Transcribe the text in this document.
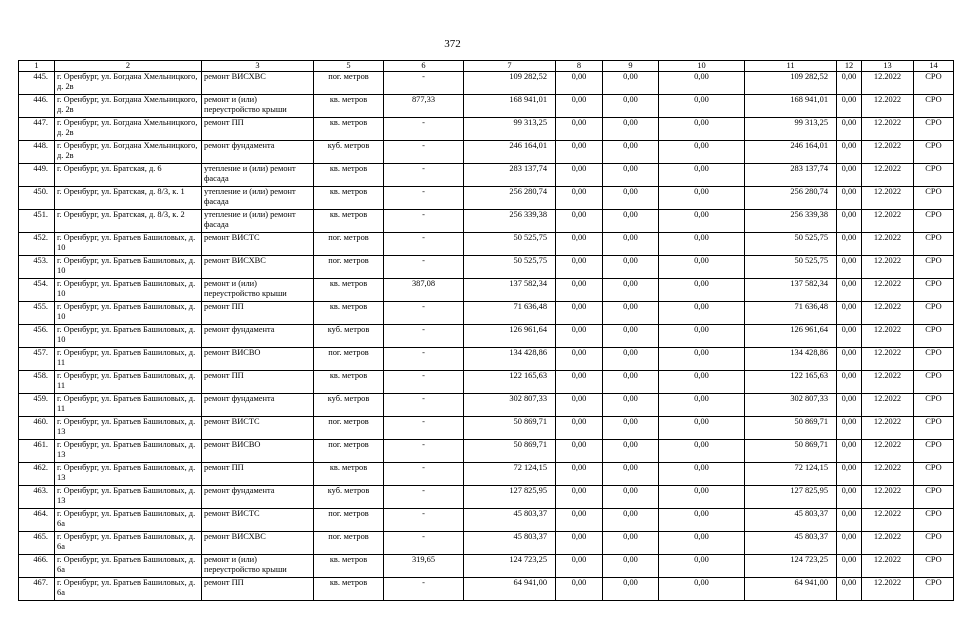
372
1	2	3	5	6	7	8	9	10	11	12	13	14
445.	г. Оренбург, ул. Богдана Хмельницкого, д. 2в	ремонт ВИСХВС	пог. метров	-	109 282,52	0,00	0,00	0,00	109 282,52	0,00	12.2022	СРО
446.	г. Оренбург, ул. Богдана Хмельницкого, д. 2в	ремонт и (или) переустройство крыши	кв. метров	877,33	168 941,01	0,00	0,00	0,00	168 941,01	0,00	12.2022	СРО
447.	г. Оренбург, ул. Богдана Хмельницкого, д. 2в	ремонт ПП	кв. метров	-	99 313,25	0,00	0,00	0,00	99 313,25	0,00	12.2022	СРО
448.	г. Оренбург, ул. Богдана Хмельницкого, д. 2в	ремонт фундамента	куб. метров	-	246 164,01	0,00	0,00	0,00	246 164,01	0,00	12.2022	СРО
449.	г. Оренбург, ул. Братская, д. 6	утепление и (или) ремонт фасада	кв. метров	-	283 137,74	0,00	0,00	0,00	283 137,74	0,00	12.2022	СРО
450.	г. Оренбург, ул. Братская, д. 8/3, к. 1	утепление и (или) ремонт фасада	кв. метров	-	256 280,74	0,00	0,00	0,00	256 280,74	0,00	12.2022	СРО
451.	г. Оренбург, ул. Братская, д. 8/3, к. 2	утепление и (или) ремонт фасада	кв. метров	-	256 339,38	0,00	0,00	0,00	256 339,38	0,00	12.2022	СРО
452.	г. Оренбург, ул. Братьев Башиловых, д. 10	ремонт ВИСТС	пог. метров	-	50 525,75	0,00	0,00	0,00	50 525,75	0,00	12.2022	СРО
453.	г. Оренбург, ул. Братьев Башиловых, д. 10	ремонт ВИСХВС	пог. метров	-	50 525,75	0,00	0,00	0,00	50 525,75	0,00	12.2022	СРО
454.	г. Оренбург, ул. Братьев Башиловых, д. 10	ремонт и (или) переустройство крыши	кв. метров	387,08	137 582,34	0,00	0,00	0,00	137 582,34	0,00	12.2022	СРО
455.	г. Оренбург, ул. Братьев Башиловых, д. 10	ремонт ПП	кв. метров	-	71 636,48	0,00	0,00	0,00	71 636,48	0,00	12.2022	СРО
456.	г. Оренбург, ул. Братьев Башиловых, д. 10	ремонт фундамента	куб. метров	-	126 961,64	0,00	0,00	0,00	126 961,64	0,00	12.2022	СРО
457.	г. Оренбург, ул. Братьев Башиловых, д. 11	ремонт ВИСВО	пог. метров	-	134 428,86	0,00	0,00	0,00	134 428,86	0,00	12.2022	СРО
458.	г. Оренбург, ул. Братьев Башиловых, д. 11	ремонт ПП	кв. метров	-	122 165,63	0,00	0,00	0,00	122 165,63	0,00	12.2022	СРО
459.	г. Оренбург, ул. Братьев Башиловых, д. 11	ремонт фундамента	куб. метров	-	302 807,33	0,00	0,00	0,00	302 807,33	0,00	12.2022	СРО
460.	г. Оренбург, ул. Братьев Башиловых, д. 13	ремонт ВИСТС	пог. метров	-	50 869,71	0,00	0,00	0,00	50 869,71	0,00	12.2022	СРО
461.	г. Оренбург, ул. Братьев Башиловых, д. 13	ремонт ВИСВО	пог. метров	-	50 869,71	0,00	0,00	0,00	50 869,71	0,00	12.2022	СРО
462.	г. Оренбург, ул. Братьев Башиловых, д. 13	ремонт ПП	кв. метров	-	72 124,15	0,00	0,00	0,00	72 124,15	0,00	12.2022	СРО
463.	г. Оренбург, ул. Братьев Башиловых, д. 13	ремонт фундамента	куб. метров	-	127 825,95	0,00	0,00	0,00	127 825,95	0,00	12.2022	СРО
464.	г. Оренбург, ул. Братьев Башиловых, д. 6а	ремонт ВИСТС	пог. метров	-	45 803,37	0,00	0,00	0,00	45 803,37	0,00	12.2022	СРО
465.	г. Оренбург, ул. Братьев Башиловых, д. 6а	ремонт ВИСХВС	пог. метров	-	45 803,37	0,00	0,00	0,00	45 803,37	0,00	12.2022	СРО
466.	г. Оренбург, ул. Братьев Башиловых, д. 6а	ремонт и (или) переустройство крыши	кв. метров	319,65	124 723,25	0,00	0,00	0,00	124 723,25	0,00	12.2022	СРО
467.	г. Оренбург, ул. Братьев Башиловых, д. 6а	ремонт ПП	кв. метров	-	64 941,00	0,00	0,00	0,00	64 941,00	0,00	12.2022	СРО
